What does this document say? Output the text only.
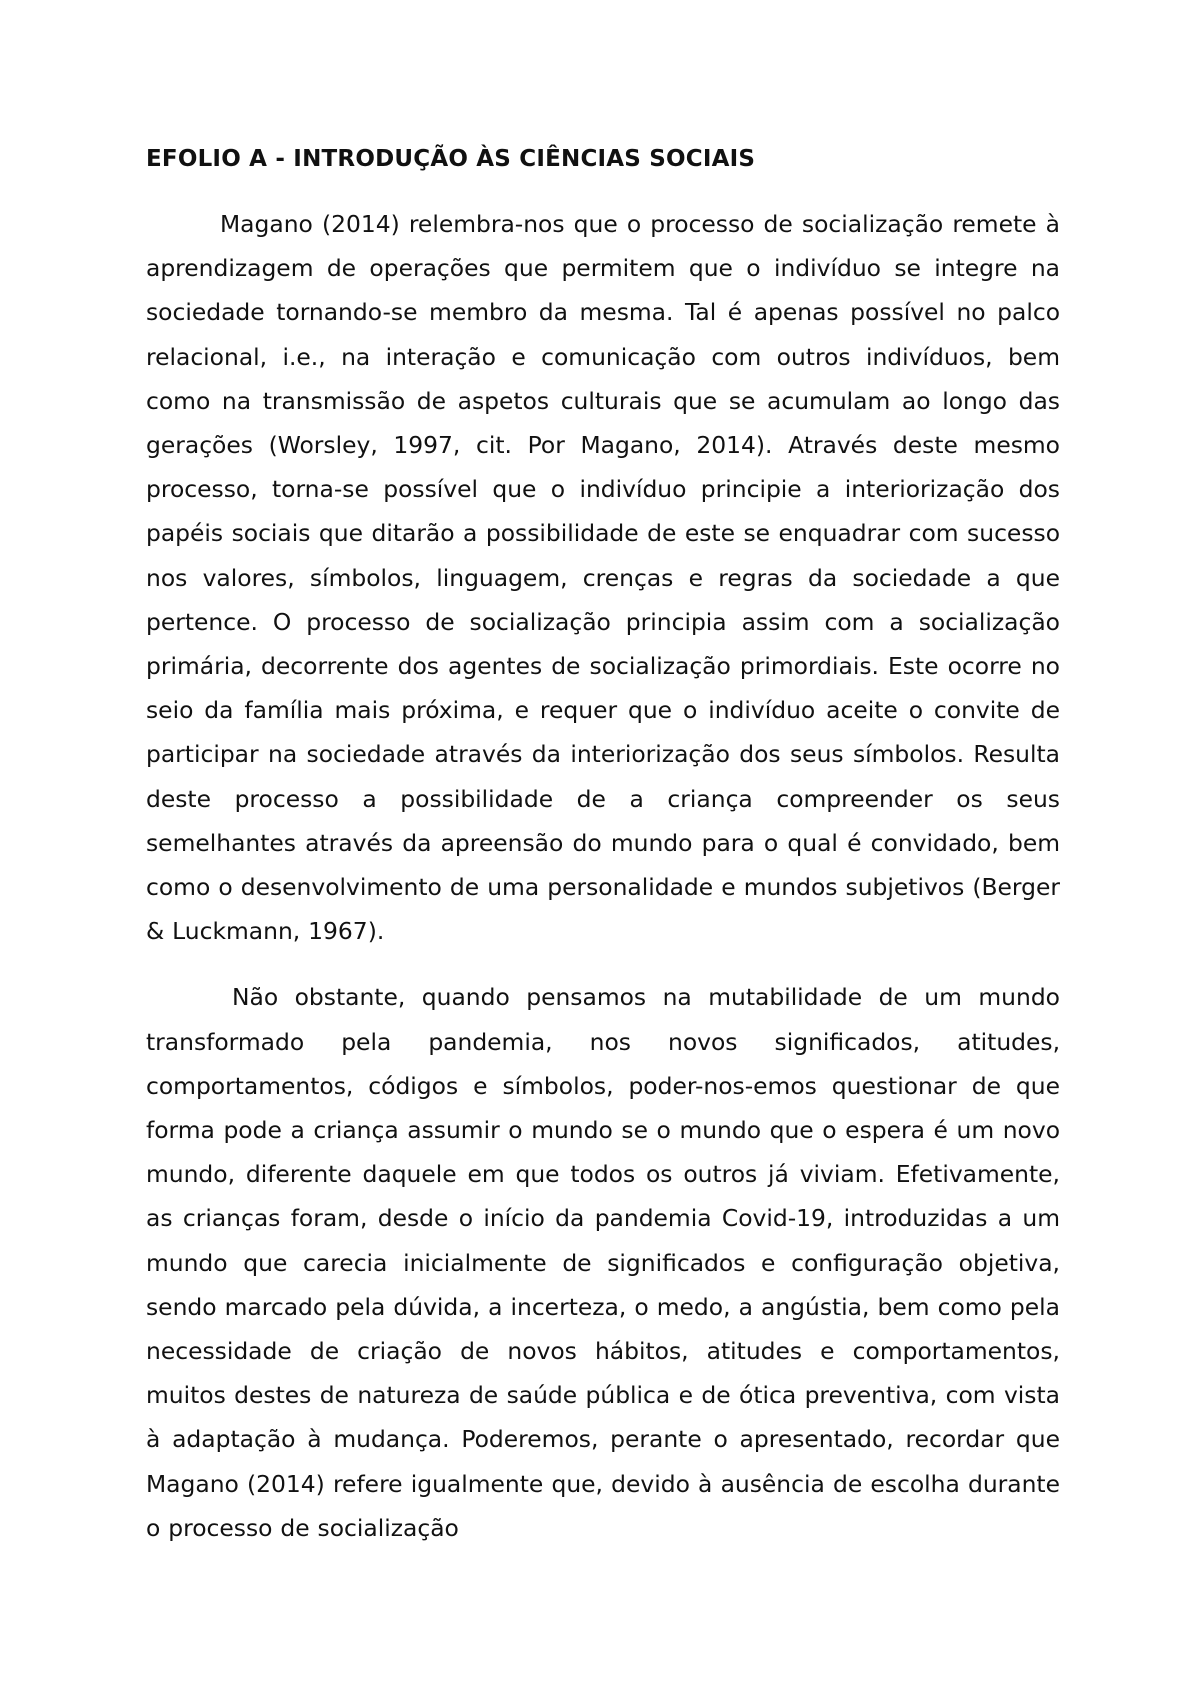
EFOLIO A - INTRODUÇÃO ÀS CIÊNCIAS SOCIAIS

Magano (2014) relembra-nos que o processo de socialização remete à aprendizagem de operações que permitem que o indivíduo se integre na sociedade tornando-se membro da mesma. Tal é apenas possível no palco relacional, i.e., na interação e comunicação com outros indivíduos, bem como na transmissão de aspetos culturais que se acumulam ao longo das gerações (Worsley, 1997, cit. Por Magano, 2014). Através deste mesmo processo, torna-se possível que o indivíduo principie a interiorização dos papéis sociais que ditarão a possibilidade de este se enquadrar com sucesso nos valores, símbolos, linguagem, crenças e regras da sociedade a que pertence. O processo de socialização principia assim com a socialização primária, decorrente dos agentes de socialização primordiais. Este ocorre no seio da família mais próxima, e requer que o indivíduo aceite o convite de participar na sociedade através da interiorização dos seus símbolos. Resulta deste processo a possibilidade de a criança compreender os seus semelhantes através da apreensão do mundo para o qual é convidado, bem como o desenvolvimento de uma personalidade e mundos subjetivos (Berger & Luckmann, 1967).

Não obstante, quando pensamos na mutabilidade de um mundo transformado pela pandemia, nos novos significados, atitudes, comportamentos, códigos e símbolos, poder-nos-emos questionar de que forma pode a criança assumir o mundo se o mundo que o espera é um novo mundo, diferente daquele em que todos os outros já viviam. Efetivamente, as crianças foram, desde o início da pandemia Covid-19, introduzidas a um mundo que carecia inicialmente de significados e configuração objetiva, sendo marcado pela dúvida, a incerteza, o medo, a angústia, bem como pela necessidade de criação de novos hábitos, atitudes e comportamentos, muitos destes de natureza de saúde pública e de ótica preventiva, com vista à adaptação à mudança. Poderemos, perante o apresentado, recordar que Magano (2014) refere igualmente que, devido à ausência de escolha durante o processo de socialização
